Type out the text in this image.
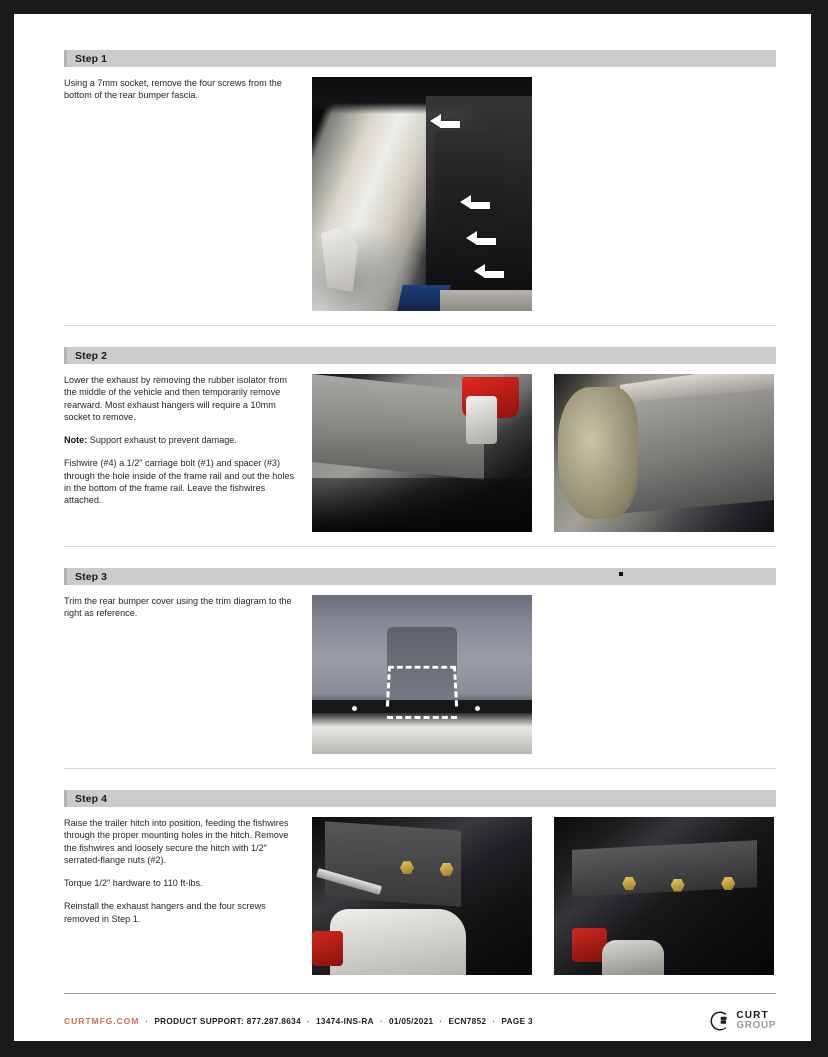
Step 1

Using a 7mm socket, remove the four screws from the bottom of the rear bumper fascia.

Step 2

Lower the exhaust by removing the rubber isolator from the middle of the vehicle and then temporarily remove rearward. Most exhaust hangers will require a 10mm socket to remove.

Note: Support exhaust to prevent damage.

Fishwire (#4) a 1/2" carriage bolt (#1) and spacer (#3) through the hole inside of the frame rail and out the holes in the bottom of the frame rail. Leave the fishwires attached.

Step 3

Trim the rear bumper cover using the trim diagram to the right as reference.

Step 4

Raise the trailer hitch into position, feeding the fishwires through the proper mounting holes in the hitch. Remove the fishwires and loosely secure the hitch with 1/2" serrated-flange nuts (#2).

Torque 1/2" hardware to 110 ft-lbs.

Reinstall the exhaust hangers and the four screws removed in Step 1.

CURTMFG.COM · PRODUCT SUPPORT: 877.287.8634 · 13474-INS-RA · 01/05/2021 · ECN7852 · PAGE 3	CURT
GROUP
